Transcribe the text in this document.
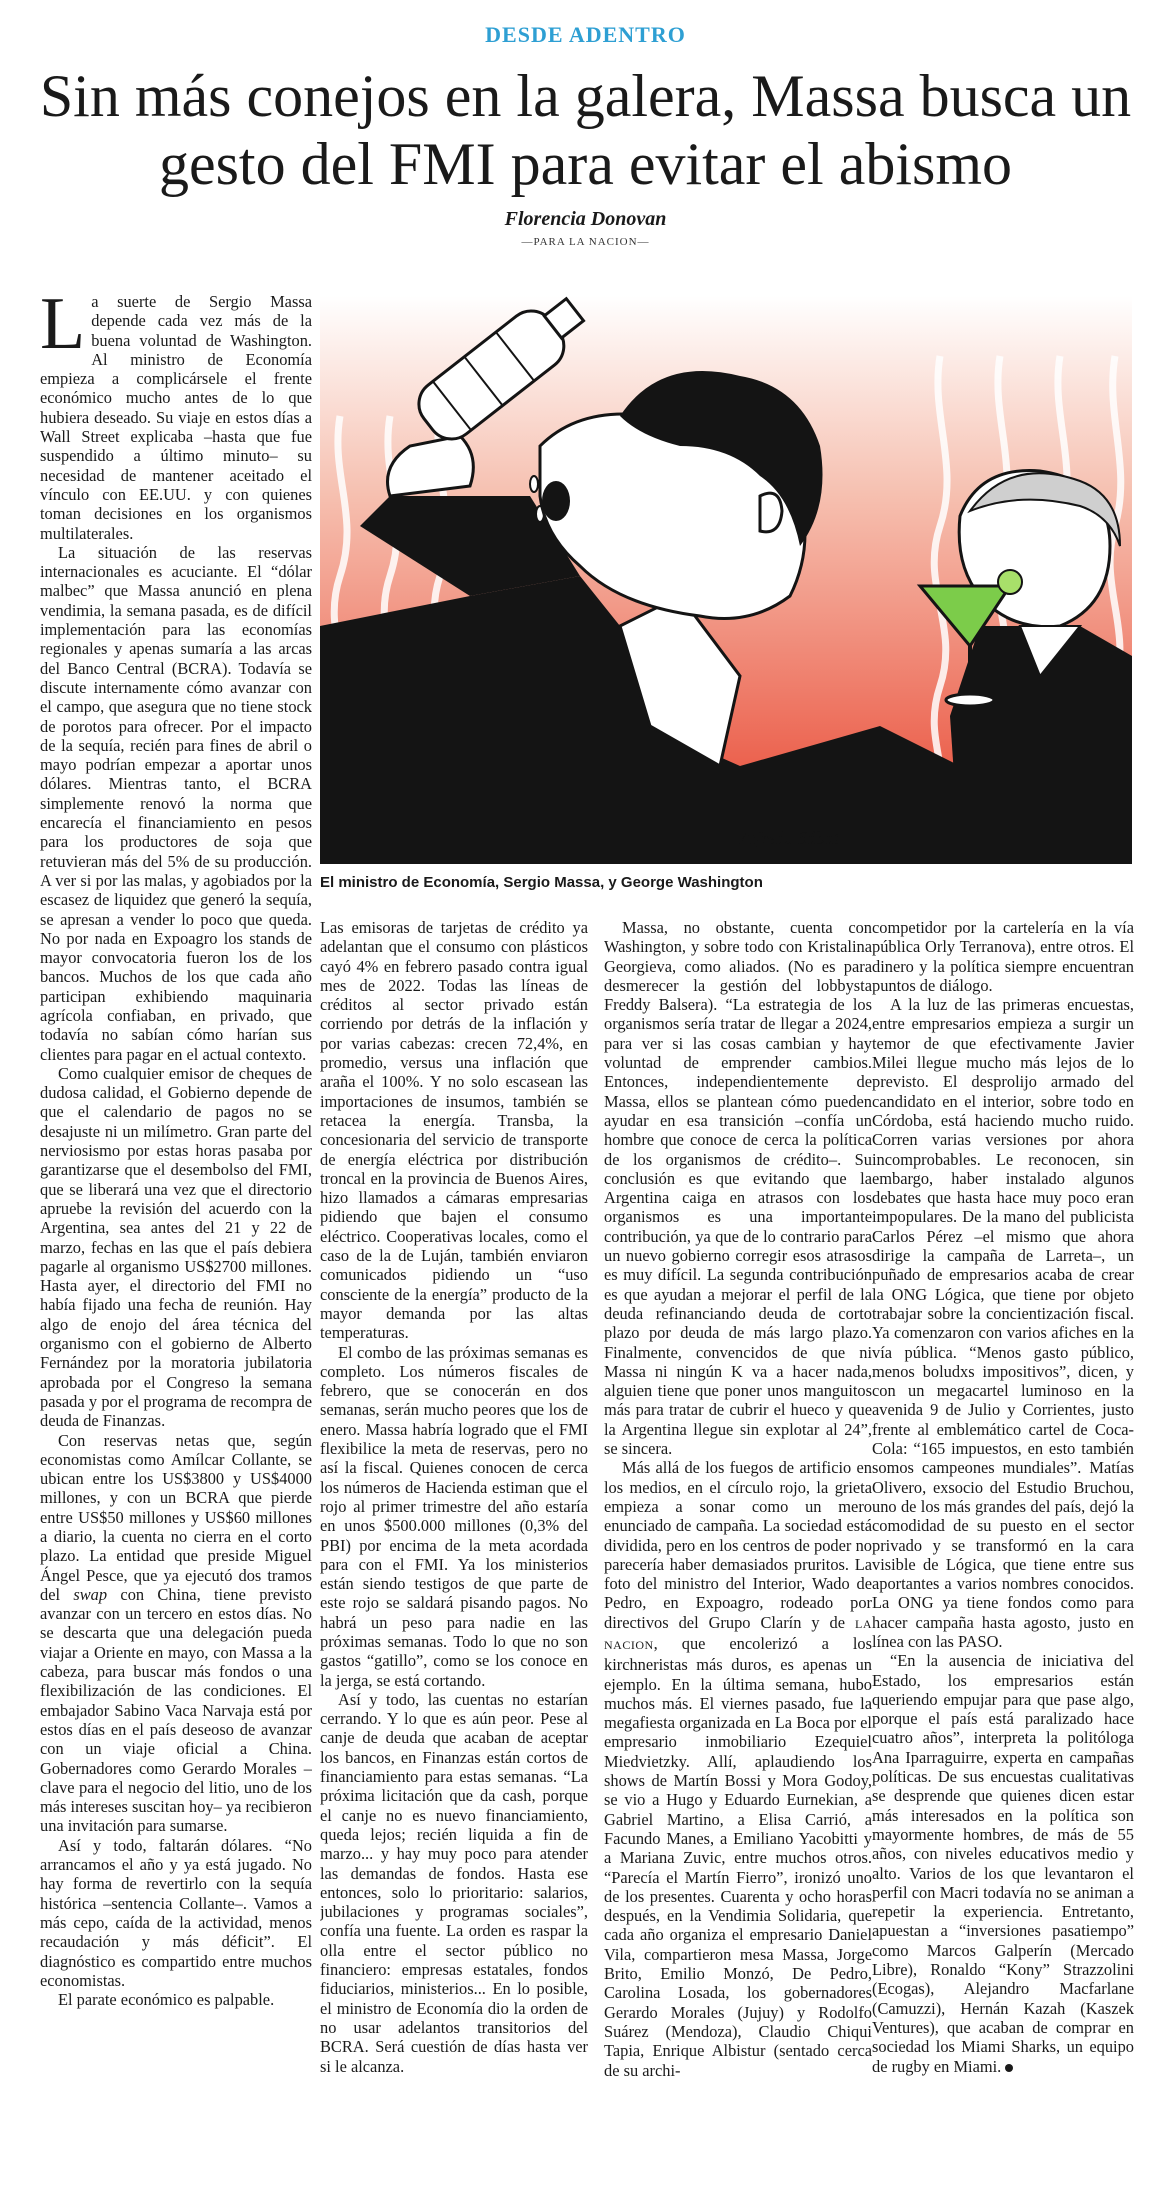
DESDE ADENTRO
Sin más conejos en la galera, Massa busca un gesto del FMI para evitar el abismo
Florencia Donovan
—PARA LA NACION—

La suerte de Sergio Massa depende cada vez más de la buena voluntad de Washington. Al ministro de Economía empieza a complicársele el frente económico mucho antes de lo que hubiera deseado. Su viaje en estos días a Wall Street explicaba –hasta que fue suspendido a último minuto– su necesidad de mantener aceitado el vínculo con EE.UU. y con quienes toman decisiones en los organismos multilaterales.

La situación de las reservas internacionales es acuciante. El “dólar malbec” que Massa anunció en plena vendimia, la semana pasada, es de difícil implementación para las economías regionales y apenas sumaría a las arcas del Banco Central (BCRA). Todavía se discute internamente cómo avanzar con el campo, que asegura que no tiene stock de porotos para ofrecer. Por el impacto de la sequía, recién para fines de abril o mayo podrían empezar a aportar unos dólares. Mientras tanto, el BCRA simplemente renovó la norma que encarecía el financiamiento en pesos para los productores de soja que retuvieran más del 5% de su producción. A ver si por las malas, y agobiados por la escasez de liquidez que generó la sequía, se apresan a vender lo poco que queda. No por nada en Expoagro los stands de mayor convocatoria fueron los de los bancos. Muchos de los que cada año participan exhibiendo maquinaria agrícola confiaban, en privado, que todavía no sabían cómo harían sus clientes para pagar en el actual contexto.

Como cualquier emisor de cheques de dudosa calidad, el Gobierno depende de que el calendario de pagos no se desajuste ni un milímetro. Gran parte del nerviosismo por estas horas pasaba por garantizarse que el desembolso del FMI, que se liberará una vez que el directorio apruebe la revisión del acuerdo con la Argentina, sea antes del 21 y 22 de marzo, fechas en las que el país debiera pagarle al organismo US$2700 millones. Hasta ayer, el directorio del FMI no había fijado una fecha de reunión. Hay algo de enojo del área técnica del organismo con el gobierno de Alberto Fernández por la moratoria jubilatoria aprobada por el Congreso la semana pasada y por el programa de recompra de deuda de Finanzas.

Con reservas netas que, según economistas como Amílcar Collante, se ubican entre los US$3800 y US$4000 millones, y con un BCRA que pierde entre US$50 millones y US$60 millones a diario, la cuenta no cierra en el corto plazo. La entidad que preside Miguel Ángel Pesce, que ya ejecutó dos tramos del swap con China, tiene previsto avanzar con un tercero en estos días. No se descarta que una delegación pueda viajar a Oriente en mayo, con Massa a la cabeza, para buscar más fondos o una flexibilización de las condiciones. El embajador Sabino Vaca Narvaja está por estos días en el país deseoso de avanzar con un viaje oficial a China. Gobernadores como Gerardo Morales –clave para el negocio del litio, uno de los más intereses suscitan hoy– ya recibieron una invitación para sumarse.

Así y todo, faltarán dólares. “No arrancamos el año y ya está jugado. No hay forma de revertirlo con la sequía histórica –sentencia Collante–. Vamos a más cepo, caída de la actividad, menos recaudación y más déficit”. El diagnóstico es compartido entre muchos economistas.

El parate económico es palpable.

Alfredo Sábat
El ministro de Economía, Sergio Massa, y George Washington

Las emisoras de tarjetas de crédito ya adelantan que el consumo con plásticos cayó 4% en febrero pasado contra igual mes de 2022. Todas las líneas de créditos al sector privado están corriendo por detrás de la inflación y por varias cabezas: crecen 72,4%, en promedio, versus una inflación que araña el 100%. Y no solo escasean las importaciones de insumos, también se retacea la energía. Transba, la concesionaria del servicio de transporte de energía eléctrica por distribución troncal en la provincia de Buenos Aires, hizo llamados a cámaras empresarias pidiendo que bajen el consumo eléctrico. Cooperativas locales, como el caso de la de Luján, también enviaron comunicados pidiendo un “uso consciente de la energía” producto de la mayor demanda por las altas temperaturas.

El combo de las próximas semanas es completo. Los números fiscales de febrero, que se conocerán en dos semanas, serán mucho peores que los de enero. Massa habría logrado que el FMI flexibilice la meta de reservas, pero no así la fiscal. Quienes conocen de cerca los números de Hacienda estiman que el rojo al primer trimestre del año estaría en unos $500.000 millones (0,3% del PBI) por encima de la meta acordada para con el FMI. Ya los ministerios están siendo testigos de que parte de este rojo se saldará pisando pagos. No habrá un peso para nadie en las próximas semanas. Todo lo que no son gastos “gatillo”, como se los conoce en la jerga, se está cortando.

Así y todo, las cuentas no estarían cerrando. Y lo que es aún peor. Pese al canje de deuda que acaban de aceptar los bancos, en Finanzas están cortos de financiamiento para estas semanas. “La próxima licitación que da cash, porque el canje no es nuevo financiamiento, queda lejos; recién liquida a fin de marzo... y hay muy poco para atender las demandas de fondos. Hasta ese entonces, solo lo prioritario: salarios, jubilaciones y programas sociales”, confía una fuente. La orden es raspar la olla entre el sector público no financiero: empresas estatales, fondos fiduciarios, ministerios... En lo posible, el ministro de Economía dio la orden de no usar adelantos transitorios del BCRA. Será cuestión de días hasta ver si le alcanza.

Massa, no obstante, cuenta con Washington, y sobre todo con Kristalina Georgieva, como aliados. (No es para desmerecer la gestión del lobbysta Freddy Balsera). “La estrategia de los organismos sería tratar de llegar a 2024, para ver si las cosas cambian y hay voluntad de emprender cambios. Entonces, independientemente de Massa, ellos se plantean cómo pueden ayudar en esa transición –confía un hombre que conoce de cerca la política de los organismos de crédito–. Su conclusión es que evitando que la Argentina caiga en atrasos con los organismos es una importante contribución, ya que de lo contrario para un nuevo gobierno corregir esos atrasos es muy difícil. La segunda contribución es que ayudan a mejorar el perfil de la deuda refinanciando deuda de corto plazo por deuda de más largo plazo. Finalmente, convencidos de que ni Massa ni ningún K va a hacer nada, alguien tiene que poner unos manguitos más para tratar de cubrir el hueco y que la Argentina llegue sin explotar al 24”, se sincera.

Más allá de los fuegos de artificio en los medios, en el círculo rojo, la grieta empieza a sonar como un mero enunciado de campaña. La sociedad está dividida, pero en los centros de poder no parecería haber demasiados pruritos. La foto del ministro del Interior, Wado de Pedro, en Expoagro, rodeado por directivos del Grupo Clarín y de LA NACION, que encolerizó a los kirchneristas más duros, es apenas un ejemplo. En la última semana, hubo muchos más. El viernes pasado, fue la megafiesta organizada en La Boca por el empresario inmobiliario Ezequiel Miedvietzky. Allí, aplaudiendo los shows de Martín Bossi y Mora Godoy, se vio a Hugo y Eduardo Eurnekian, a Gabriel Martino, a Elisa Carrió, a Facundo Manes, a Emiliano Yacobitti y a Mariana Zuvic, entre muchos otros. “Parecía el Martín Fierro”, ironizó uno de los presentes. Cuarenta y ocho horas después, en la Vendimia Solidaria, que cada año organiza el empresario Daniel Vila, compartieron mesa Massa, Jorge Brito, Emilio Monzó, De Pedro, Carolina Losada, los gobernadores Gerardo Morales (Jujuy) y Rodolfo Suárez (Mendoza), Claudio Chiqui Tapia, Enrique Albistur (sentado cerca de su archi-

competidor por la cartelería en la vía pública Orly Terranova), entre otros. El dinero y la política siempre encuentran puntos de diálogo.

A la luz de las primeras encuestas, entre empresarios empieza a surgir un temor de que efectivamente Javier Milei llegue mucho más lejos de lo previsto. El desprolijo armado del candidato en el interior, sobre todo en Córdoba, está haciendo mucho ruido. Corren varias versiones por ahora incomprobables. Le reconocen, sin embargo, haber instalado algunos debates que hasta hace muy poco eran impopulares. De la mano del publicista Carlos Pérez –el mismo que ahora dirige la campaña de Larreta–, un puñado de empresarios acaba de crear la ONG Lógica, que tiene por objeto trabajar sobre la concientización fiscal. Ya comenzaron con varios afiches en la vía pública. “Menos gasto público, menos boludxs impositivos”, dicen, y con un megacartel luminoso en la avenida 9 de Julio y Corrientes, justo frente al emblemático cartel de Coca-Cola: “165 impuestos, en esto también somos campeones mundiales”. Matías Olivero, exsocio del Estudio Bruchou, uno de los más grandes del país, dejó la comodidad de su puesto en el sector privado y se transformó en la cara visible de Lógica, que tiene entre sus aportantes a varios nombres conocidos. La ONG ya tiene fondos como para hacer campaña hasta agosto, justo en línea con las PASO.

“En la ausencia de iniciativa del Estado, los empresarios están queriendo empujar para que pase algo, porque el país está paralizado hace cuatro años”, interpreta la politóloga Ana Iparraguirre, experta en campañas políticas. De sus encuestas cualitativas se desprende que quienes dicen estar más interesados en la política son mayormente hombres, de más de 55 años, con niveles educativos medio y alto. Varios de los que levantaron el perfil con Macri todavía no se animan a repetir la experiencia. Entretanto, apuestan a “inversiones pasatiempo” como Marcos Galperín (Mercado Libre), Ronaldo “Kony” Strazzolini (Ecogas), Alejandro Macfarlane (Camuzzi), Hernán Kazah (Kaszek Ventures), que acaban de comprar en sociedad los Miami Sharks, un equipo de rugby en Miami.
